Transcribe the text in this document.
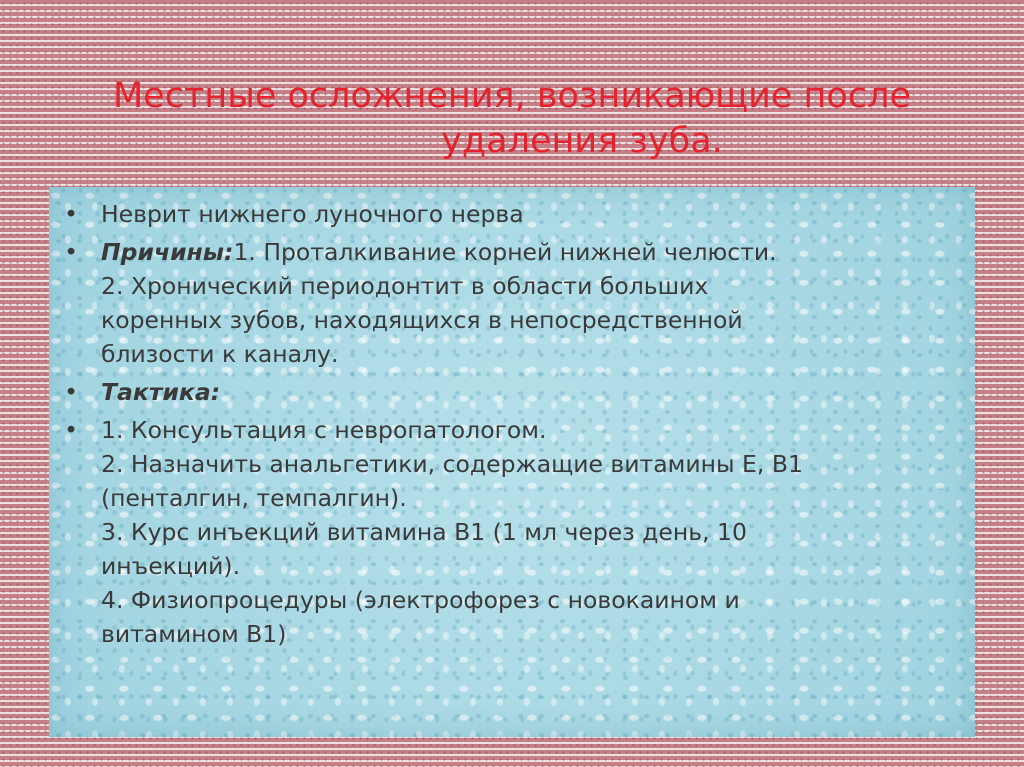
Местные осложнения, возникающие после
удаления зуба.
• Неврит нижнего луночного нерва
• Причины:1. Проталкивание корней нижней челюсти.
2. Хронический периодонтит в области больших
коренных зубов, находящихся в непосредственной
близости к каналу.
• Тактика:
• 1. Консультация с невропатологом.
2. Назначить анальгетики, содержащие витамины Е, В1
(пенталгин, темпалгин).
3. Курс инъекций витамина В1 (1 мл через день, 10
инъекций).
4. Физиопроцедуры (электрофорез с новокаином и
витамином В1)
